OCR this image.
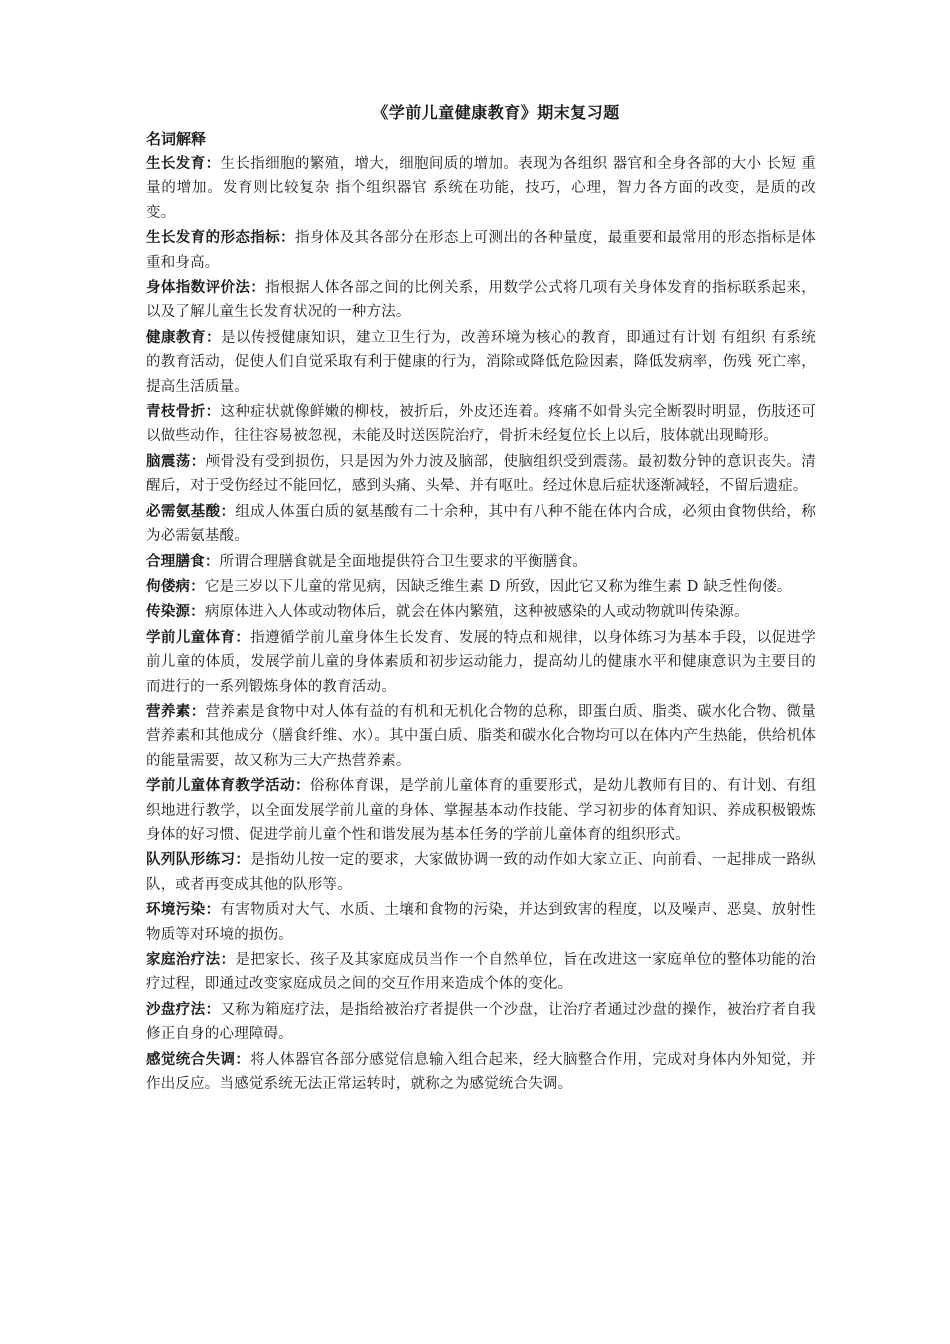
《学前儿童健康教育》期末复习题
名词解释
生长发育：生长指细胞的繁殖，增大，细胞间质的增加。表现为各组织 器官和全身各部的大小 长短 重量的增加。发育则比较复杂 指个组织器官 系统在功能，技巧，心理，智力各方面的改变，是质的改变。
生长发育的形态指标：指身体及其各部分在形态上可测出的各种量度，最重要和最常用的形态指标是体重和身高。
身体指数评价法：指根据人体各部之间的比例关系，用数学公式将几项有关身体发育的指标联系起来，以及了解儿童生长发育状况的一种方法。
健康教育：是以传授健康知识，建立卫生行为，改善环境为核心的教育，即通过有计划 有组织 有系统的教育活动，促使人们自觉采取有利于健康的行为，消除或降低危险因素，降低发病率，伤残 死亡率，提高生活质量。
青枝骨折：这种症状就像鲜嫩的柳枝，被折后，外皮还连着。疼痛不如骨头完全断裂时明显，伤肢还可以做些动作，往往容易被忽视，未能及时送医院治疗，骨折未经复位长上以后，肢体就出现畸形。
脑震荡：颅骨没有受到损伤，只是因为外力波及脑部，使脑组织受到震荡。最初数分钟的意识丧失。清醒后，对于受伤经过不能回忆，感到头痛、头晕、并有呕吐。经过休息后症状逐渐减轻，不留后遗症。
必需氨基酸：组成人体蛋白质的氨基酸有二十余种，其中有八种不能在体内合成，必须由食物供给，称为必需氨基酸。
合理膳食：所谓合理膳食就是全面地提供符合卫生要求的平衡膳食。
佝偻病：它是三岁以下儿童的常见病，因缺乏维生素 D 所致，因此它又称为维生素 D 缺乏性佝偻。
传染源：病原体进入人体或动物体后，就会在体内繁殖，这种被感染的人或动物就叫传染源。
学前儿童体育：指遵循学前儿童身体生长发育、发展的特点和规律，以身体练习为基本手段，以促进学前儿童的体质，发展学前儿童的身体素质和初步运动能力，提高幼儿的健康水平和健康意识为主要目的而进行的一系列锻炼身体的教育活动。
营养素：营养素是食物中对人体有益的有机和无机化合物的总称，即蛋白质、脂类、碳水化合物、微量营养素和其他成分（膳食纤维、水）。其中蛋白质、脂类和碳水化合物均可以在体内产生热能，供给机体的能量需要，故又称为三大产热营养素。
学前儿童体育教学活动：俗称体育课，是学前儿童体育的重要形式，是幼儿教师有目的、有计划、有组织地进行教学，以全面发展学前儿童的身体、掌握基本动作技能、学习初步的体育知识、养成积极锻炼身体的好习惯、促进学前儿童个性和谐发展为基本任务的学前儿童体育的组织形式。
队列队形练习：是指幼儿按一定的要求，大家做协调一致的动作如大家立正、向前看、一起排成一路纵队，或者再变成其他的队形等。
环境污染：有害物质对大气、水质、土壤和食物的污染，并达到致害的程度，以及噪声、恶臭、放射性物质等对环境的损伤。
家庭治疗法：是把家长、孩子及其家庭成员当作一个自然单位，旨在改进这一家庭单位的整体功能的治疗过程，即通过改变家庭成员之间的交互作用来造成个体的变化。
沙盘疗法：又称为箱庭疗法，是指给被治疗者提供一个沙盘，让治疗者通过沙盘的操作，被治疗者自我修正自身的心理障碍。
感觉统合失调：将人体器官各部分感觉信息输入组合起来，经大脑整合作用，完成对身体内外知觉，并作出反应。当感觉系统无法正常运转时，就称之为感觉统合失调。
